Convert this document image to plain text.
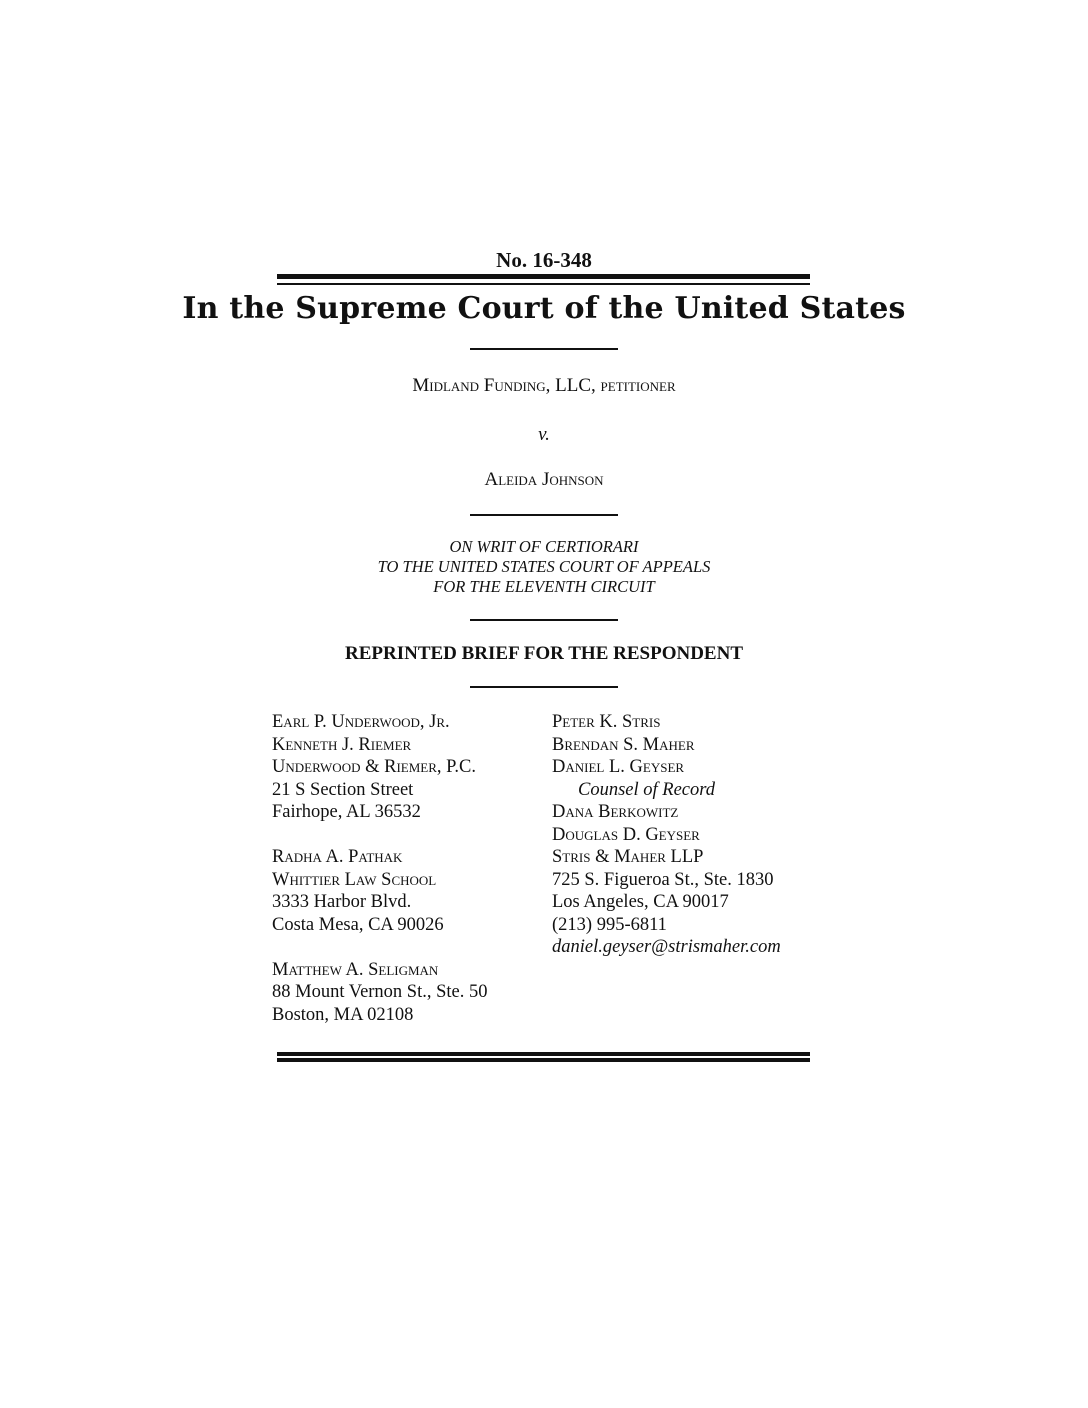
No. 16-348
In the Supreme Court of the United States
Midland Funding, LLC, petitioner
v.
Aleida Johnson
ON WRIT OF CERTIORARI
TO THE UNITED STATES COURT OF APPEALS
FOR THE ELEVENTH CIRCUIT
REPRINTED BRIEF FOR THE RESPONDENT
Earl P. Underwood, Jr.
Kenneth J. Riemer
Underwood & Riemer, P.C.
21 S Section Street
Fairhope, AL 36532
Radha A. Pathak
Whittier Law School
3333 Harbor Blvd.
Costa Mesa, CA 90026
Matthew A. Seligman
88 Mount Vernon St., Ste. 50
Boston, MA 02108
Peter K. Stris
Brendan S. Maher
Daniel L. Geyser
Counsel of Record
Dana Berkowitz
Douglas D. Geyser
Stris & Maher LLP
725 S. Figueroa St., Ste. 1830
Los Angeles, CA 90017
(213) 995-6811
daniel.geyser@strismaher.com
